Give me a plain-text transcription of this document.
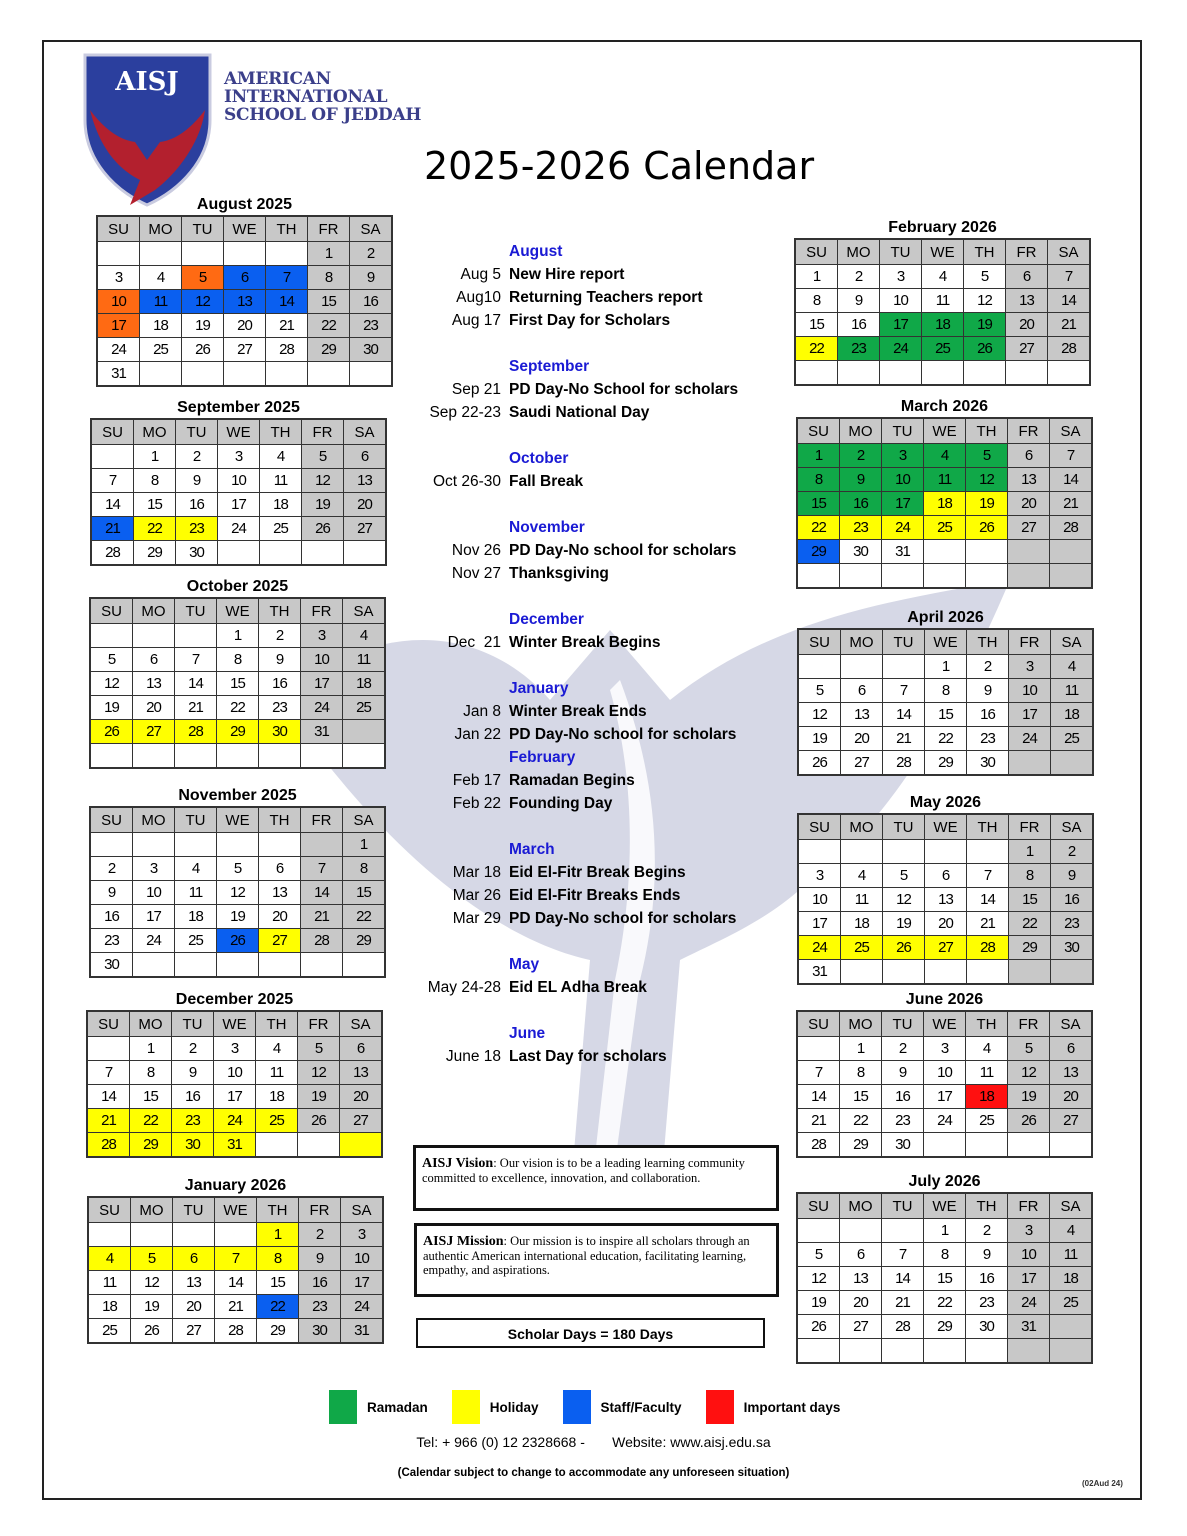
AISJ	AMERICAN
INTERNATIONAL
SCHOOL OF JEDDAH
2025-2026 Calendar
August 2025
SU	MO	TU	WE	TH	FR	SA
					1	2
3	4	5	6	7	8	9
10	11	12	13	14	15	16
17	18	19	20	21	22	23
24	25	26	27	28	29	30
31						
September 2025
SU	MO	TU	WE	TH	FR	SA
	1	2	3	4	5	6
7	8	9	10	11	12	13
14	15	16	17	18	19	20
21	22	23	24	25	26	27
28	29	30				
October 2025
SU	MO	TU	WE	TH	FR	SA
			1	2	3	4
5	6	7	8	9	10	11
12	13	14	15	16	17	18
19	20	21	22	23	24	25
26	27	28	29	30	31	

November 2025
SU	MO	TU	WE	TH	FR	SA
						1
2	3	4	5	6	7	8
9	10	11	12	13	14	15
16	17	18	19	20	21	22
23	24	25	26	27	28	29
30						
December 2025
SU	MO	TU	WE	TH	FR	SA
	1	2	3	4	5	6
7	8	9	10	11	12	13
14	15	16	17	18	19	20
21	22	23	24	25	26	27
28	29	30	31			
January 2026
SU	MO	TU	WE	TH	FR	SA
				1	2	3
4	5	6	7	8	9	10
11	12	13	14	15	16	17
18	19	20	21	22	23	24
25	26	27	28	29	30	31
February 2026
SU	MO	TU	WE	TH	FR	SA
1	2	3	4	5	6	7
8	9	10	11	12	13	14
15	16	17	18	19	20	21
22	23	24	25	26	27	28

March 2026
SU	MO	TU	WE	TH	FR	SA
1	2	3	4	5	6	7
8	9	10	11	12	13	14
15	16	17	18	19	20	21
22	23	24	25	26	27	28
29	30	31				

April 2026
SU	MO	TU	WE	TH	FR	SA
			1	2	3	4
5	6	7	8	9	10	11
12	13	14	15	16	17	18
19	20	21	22	23	24	25
26	27	28	29	30		
May 2026
SU	MO	TU	WE	TH	FR	SA
					1	2
3	4	5	6	7	8	9
10	11	12	13	14	15	16
17	18	19	20	21	22	23
24	25	26	27	28	29	30
31						
June 2026
SU	MO	TU	WE	TH	FR	SA
	1	2	3	4	5	6
7	8	9	10	11	12	13
14	15	16	17	18	19	20
21	22	23	24	25	26	27
28	29	30				
July 2026
SU	MO	TU	WE	TH	FR	SA
			1	2	3	4
5	6	7	8	9	10	11
12	13	14	15	16	17	18
19	20	21	22	23	24	25
26	27	28	29	30	31	

August
Aug 5 New Hire report
Aug10 Returning Teachers report
Aug 17 First Day for Scholars
September
Sep 21 PD Day-No School for scholars
Sep 22-23 Saudi National Day
October
Oct 26-30 Fall Break
November
Nov 26 PD Day-No school for scholars
Nov 27 Thanksgiving
December
Dec  21 Winter Break Begins
January
Jan 8 Winter Break Ends
Jan 22 PD Day-No school for scholars
February
Feb 17 Ramadan Begins
Feb 22 Founding Day
March
Mar 18 Eid El-Fitr Break Begins
Mar 26 Eid El-Fitr Breaks Ends
Mar 29 PD Day-No school for scholars
May
May 24-28 Eid EL Adha Break
June
June 18 Last Day for scholars
AISJ Vision: Our vision is to be a leading learning community committed to excellence, innovation, and collaboration.
AISJ Mission: Our mission is to inspire all scholars through an authentic American international education, facilitating learning, empathy, and aspirations.
Scholar Days = 180 Days
Ramadan	Holiday	Staff/Faculty	Important days
Tel: + 966 (0) 12 2328668 -       Website: www.aisj.edu.sa
(Calendar subject to change to accommodate any unforeseen situation)
(02Aud 24)
